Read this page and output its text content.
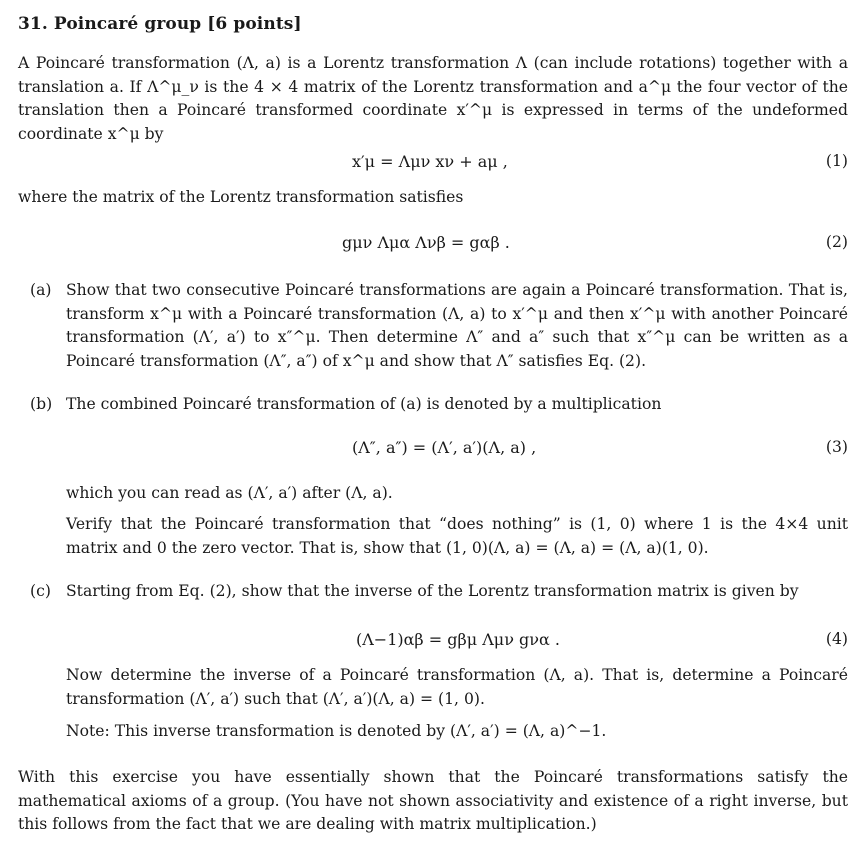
31. Poincaré group [6 points]
A Poincaré transformation (Λ, a) is a Lorentz transformation Λ (can include rotations) together with a translation a. If Λ^μ_ν is the 4 × 4 matrix of the Lorentz transformation and a^μ the four vector of the translation then a Poincaré transformed coordinate x′^μ is expressed in terms of the undeformed coordinate x^μ by
x′μ = Λμν xν + aμ ,	(1)
where the matrix of the Lorentz transformation satisfies
gμν Λμα Λνβ = gαβ .	(2)
(a) Show that two consecutive Poincaré transformations are again a Poincaré transformation. That is, transform x^μ with a Poincaré transformation (Λ, a) to x′^μ and then x′^μ with another Poincaré transformation (Λ′, a′) to x″^μ. Then determine Λ″ and a″ such that x″^μ can be written as a Poincaré transformation (Λ″, a″) of x^μ and show that Λ″ satisfies Eq. (2).
(b) The combined Poincaré transformation of (a) is denoted by a multiplication
(Λ″, a″) = (Λ′, a′)(Λ, a) ,	(3)
which you can read as (Λ′, a′) after (Λ, a).
Verify that the Poincaré transformation that “does nothing” is (1, 0) where 1 is the 4×4 unit matrix and 0 the zero vector. That is, show that (1, 0)(Λ, a) = (Λ, a) = (Λ, a)(1, 0).
(c) Starting from Eq. (2), show that the inverse of the Lorentz transformation matrix is given by
(Λ−1)αβ = gβμ Λμν gνα .	(4)
Now determine the inverse of a Poincaré transformation (Λ, a). That is, determine a Poincaré transformation (Λ′, a′) such that (Λ′, a′)(Λ, a) = (1, 0).
Note: This inverse transformation is denoted by (Λ′, a′) = (Λ, a)^−1.
With this exercise you have essentially shown that the Poincaré transformations satisfy the mathematical axioms of a group. (You have not shown associativity and existence of a right inverse, but this follows from the fact that we are dealing with matrix multiplication.)
